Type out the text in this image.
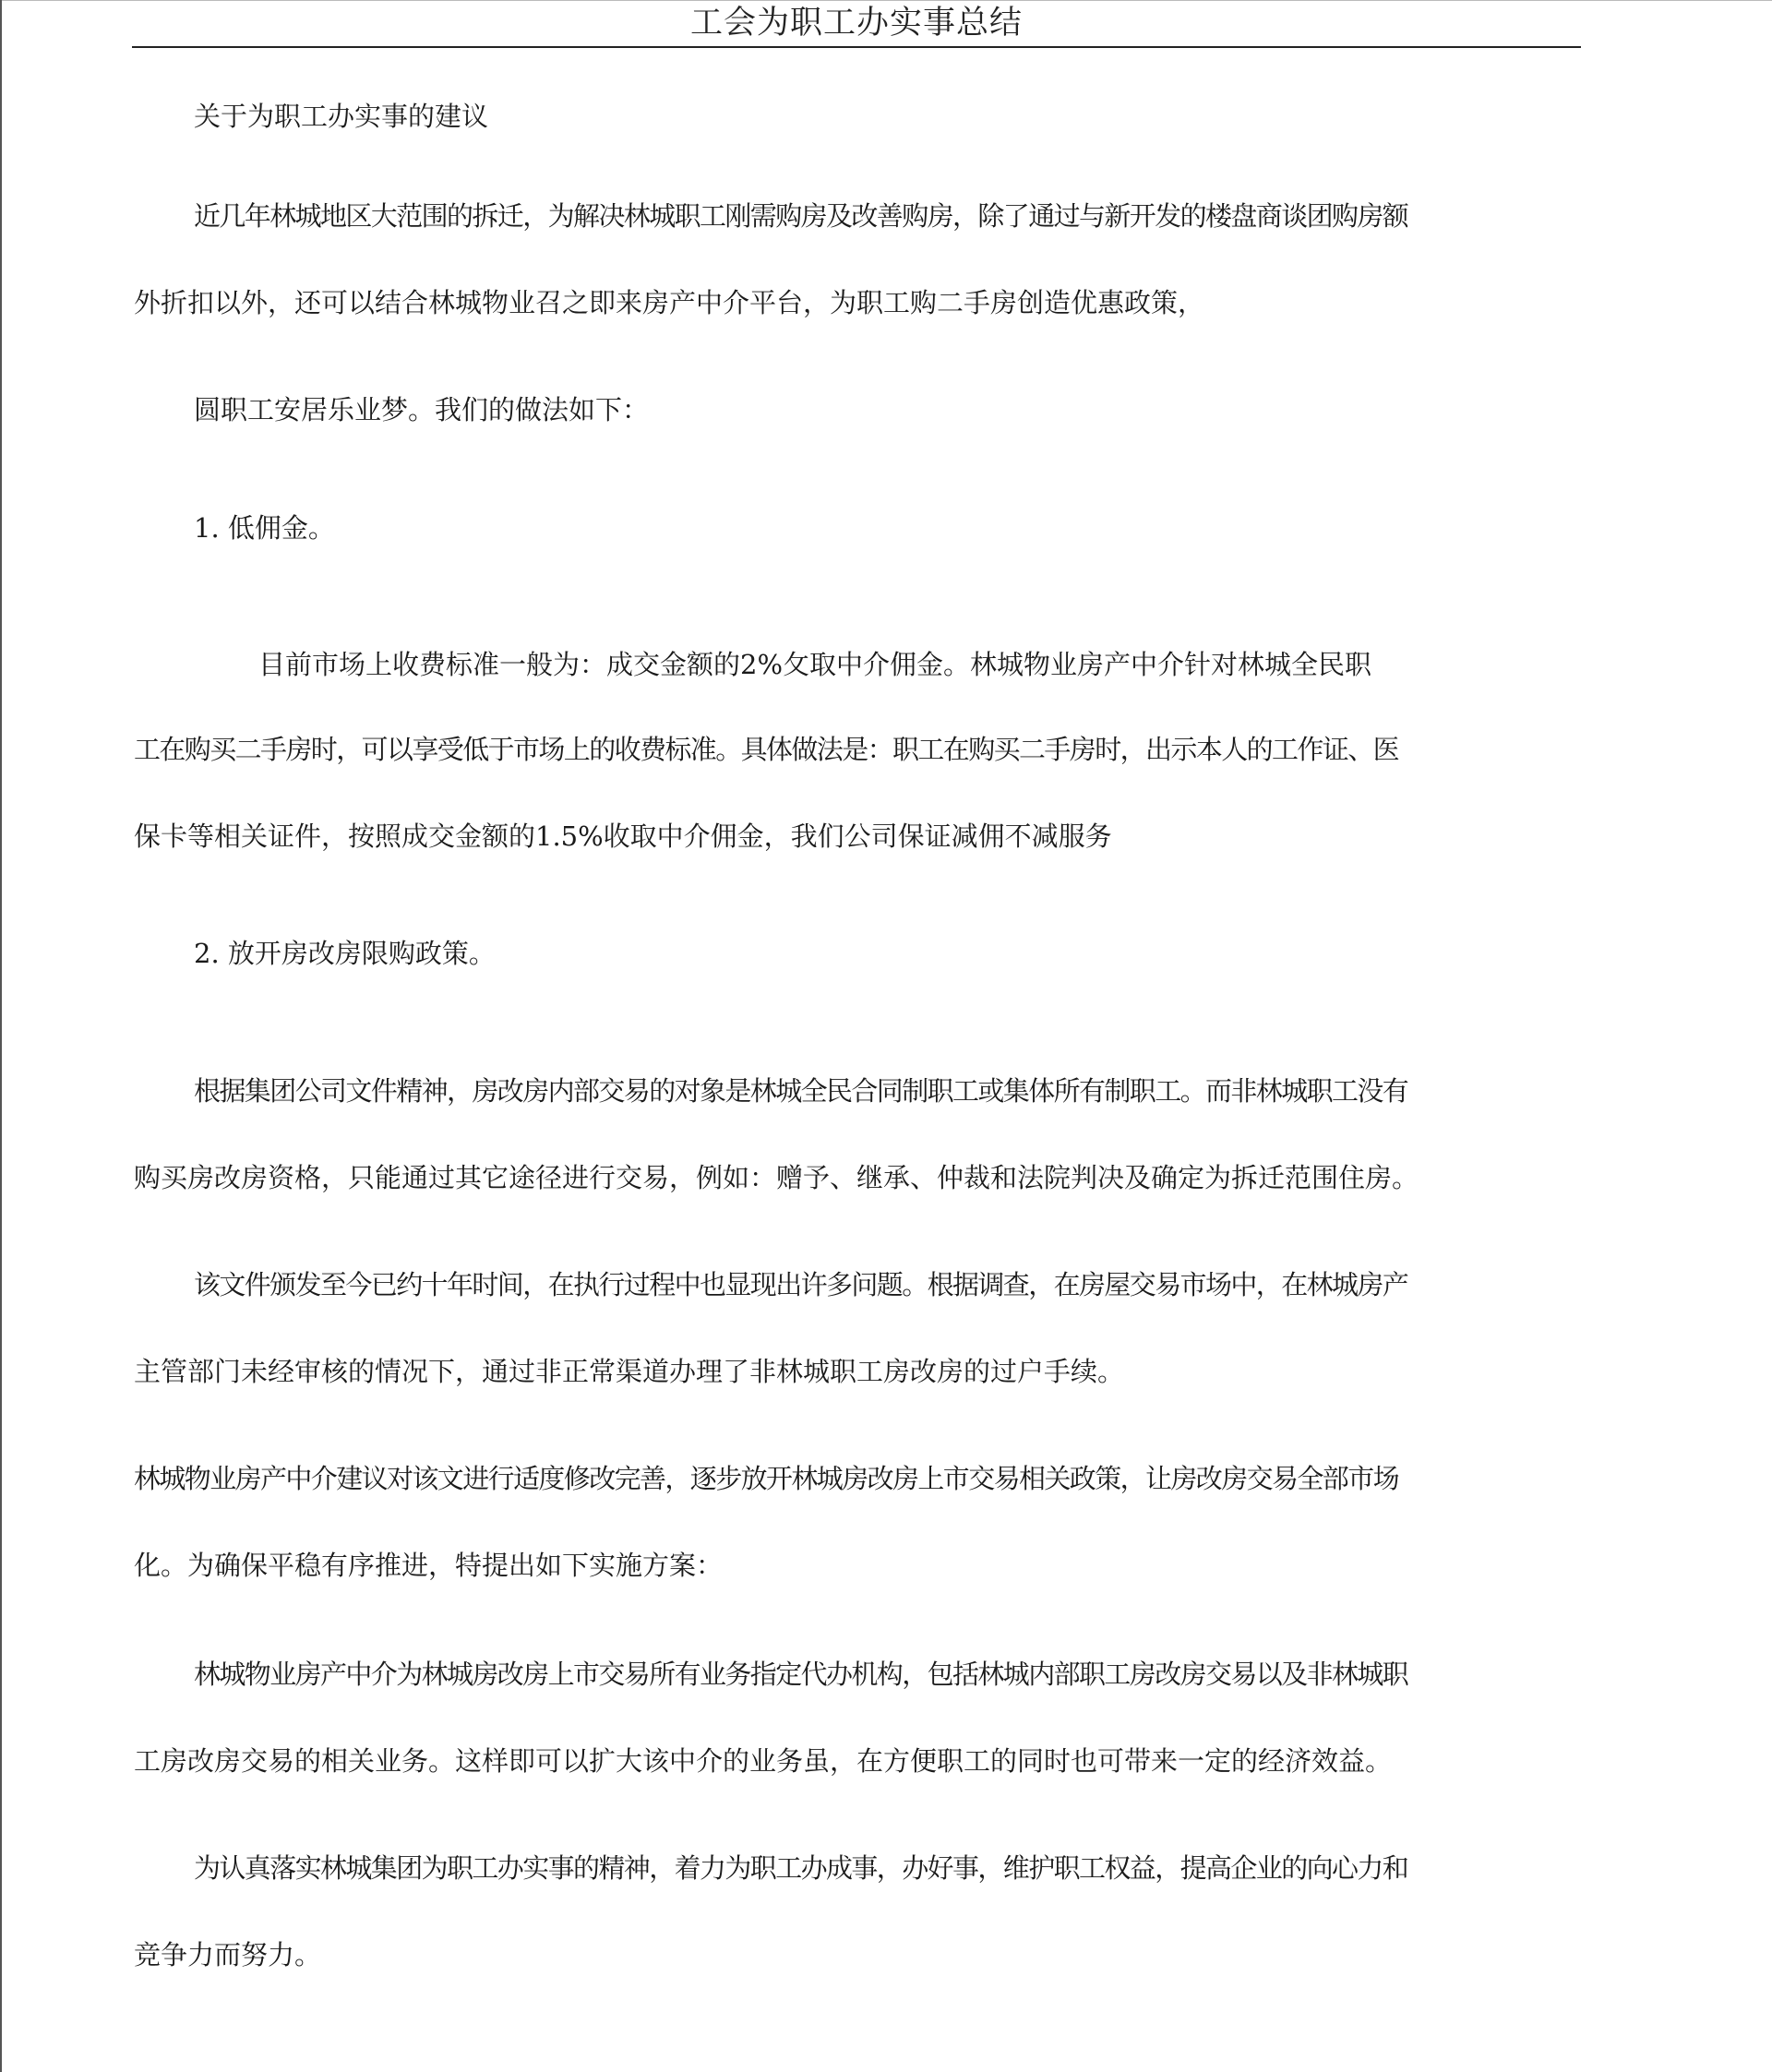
工会为职工办实事总结
关于为职工办实事的建议
近几年林城地区大范围的拆迁，为解决林城职工刚需购房及改善购房，除了通过与新开发的楼盘商谈团购房额
外折扣以外，还可以结合林城物业召之即来房产中介平台，为职工购二手房创造优惠政策，
圆职工安居乐业梦。我们的做法如下：
1. 低佣金。
目前市场上收费标准一般为：成交金额的2%攵取中介佣金。林城物业房产中介针对林城全民职
工在购买二手房时，可以享受低于市场上的收费标准。具体做法是：职工在购买二手房时，出示本人的工作证、医
保卡等相关证件，按照成交金额的1.5%收取中介佣金，我们公司保证减佣不减服务
2. 放开房改房限购政策。
根据集团公司文件精神，房改房内部交易的对象是林城全民合同制职工或集体所有制职工。而非林城职工没有
购买房改房资格，只能通过其它途径进行交易，例如：赠予、继承、仲裁和法院判决及确定为拆迁范围住房。
该文件颁发至今已约十年时间，在执行过程中也显现出许多问题。根据调查，在房屋交易市场中，在林城房产
主管部门未经审核的情况下，通过非正常渠道办理了非林城职工房改房的过户手续。
林城物业房产中介建议对该文进行适度修改完善，逐步放开林城房改房上市交易相关政策，让房改房交易全部市场
化。为确保平稳有序推进，特提出如下实施方案：
林城物业房产中介为林城房改房上市交易所有业务指定代办机构，包括林城内部职工房改房交易以及非林城职
工房改房交易的相关业务。这样即可以扩大该中介的业务虽，在方便职工的同时也可带来一定的经济效益。
为认真落实林城集团为职工办实事的精神，着力为职工办成事，办好事，维护职工权益，提高企业的向心力和
竞争力而努力。
